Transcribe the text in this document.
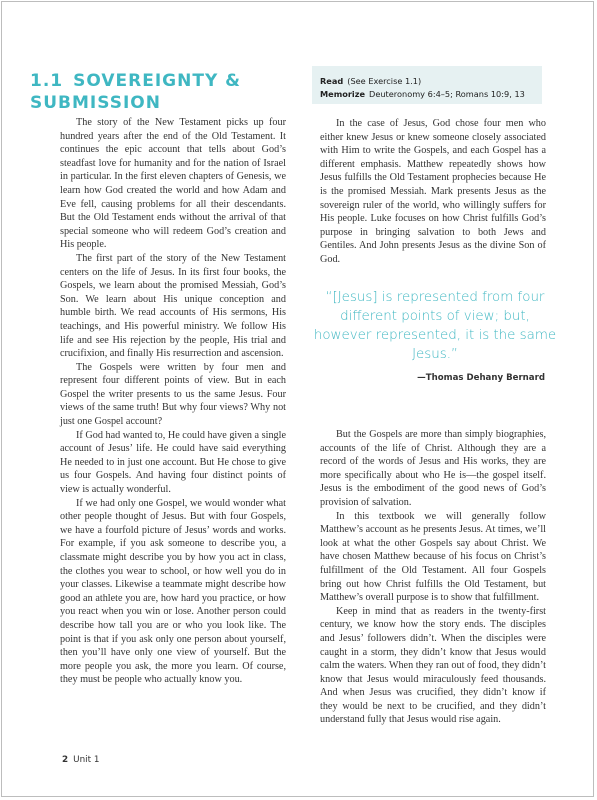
1.1 SOVEREIGNTY & SUBMISSION
Read (See Exercise 1.1)
Memorize Deuteronomy 6:4–5; Romans 10:9, 13

The story of the New Testament picks up four hundred years after the end of the Old Testament. It continues the epic account that tells about God’s steadfast love for humanity and for the nation of Israel in particular. In the first eleven chapters of Genesis, we learn how God created the world and how Adam and Eve fell, causing problems for all their descendants. But the Old Testament ends without the arrival of that special someone who will redeem God’s creation and His people.

The first part of the story of the New Testament centers on the life of Jesus. In its first four books, the Gospels, we learn about the promised Messiah, God’s Son. We learn about His unique conception and humble birth. We read accounts of His sermons, His teachings, and His powerful ministry. We follow His life and see His rejection by the people, His trial and crucifixion, and finally His resurrection and ascension.

The Gospels were written by four men and represent four different points of view. But in each Gospel the writer presents to us the same Jesus. Four views of the same truth! But why four views? Why not just one Gospel account?

If God had wanted to, He could have given a single account of Jesus’ life. He could have said everything He needed to in just one account. But He chose to give us four Gospels. And having four distinct points of view is actually wonderful.

If we had only one Gospel, we would wonder what other people thought of Jesus. But with four Gospels, we have a fourfold picture of Jesus’ words and works. For example, if you ask someone to describe you, a classmate might describe you by how you act in class, the clothes you wear to school, or how well you do in your classes. Likewise a teammate might describe how good an athlete you are, how hard you practice, or how you react when you win or lose. Another person could describe how tall you are or who you look like. The point is that if you ask only one person about yourself, then you’ll have only one view of yourself. But the more people you ask, the more you learn. Of course, they must be people who actually know you.

In the case of Jesus, God chose four men who either knew Jesus or knew someone closely associated with Him to write the Gospels, and each Gospel has a different emphasis. Matthew repeatedly shows how Jesus fulfills the Old Testament prophecies because He is the promised Messiah. Mark presents Jesus as the sovereign ruler of the world, who willingly suffers for His people. Luke focuses on how Christ fulfills God’s purpose in bringing salvation to both Jews and Gentiles. And John presents Jesus as the divine Son of God.

“[Jesus] is represented from four different points of view; but, however represented, it is the same Jesus.”
—Thomas Dehany Bernard

But the Gospels are more than simply biographies, accounts of the life of Christ. Although they are a record of the words of Jesus and His works, they are more specifically about who He is—the gospel itself. Jesus is the embodiment of the good news of God’s provision of salvation.

In this textbook we will generally follow Matthew’s account as he presents Jesus. At times, we’ll look at what the other Gospels say about Christ. We have chosen Matthew because of his focus on Christ’s fulfillment of the Old Testament. All four Gospels bring out how Christ fulfills the Old Testament, but Matthew’s overall purpose is to show that fulfillment.

Keep in mind that as readers in the twenty-first century, we know how the story ends. The disciples and Jesus’ followers didn’t. When the disciples were caught in a storm, they didn’t know that Jesus would calm the waters. When they ran out of food, they didn’t know that Jesus would miraculously feed thousands. And when Jesus was crucified, they didn’t know if they would be next to be crucified, and they didn’t understand fully that Jesus would rise again.

2 Unit 1
